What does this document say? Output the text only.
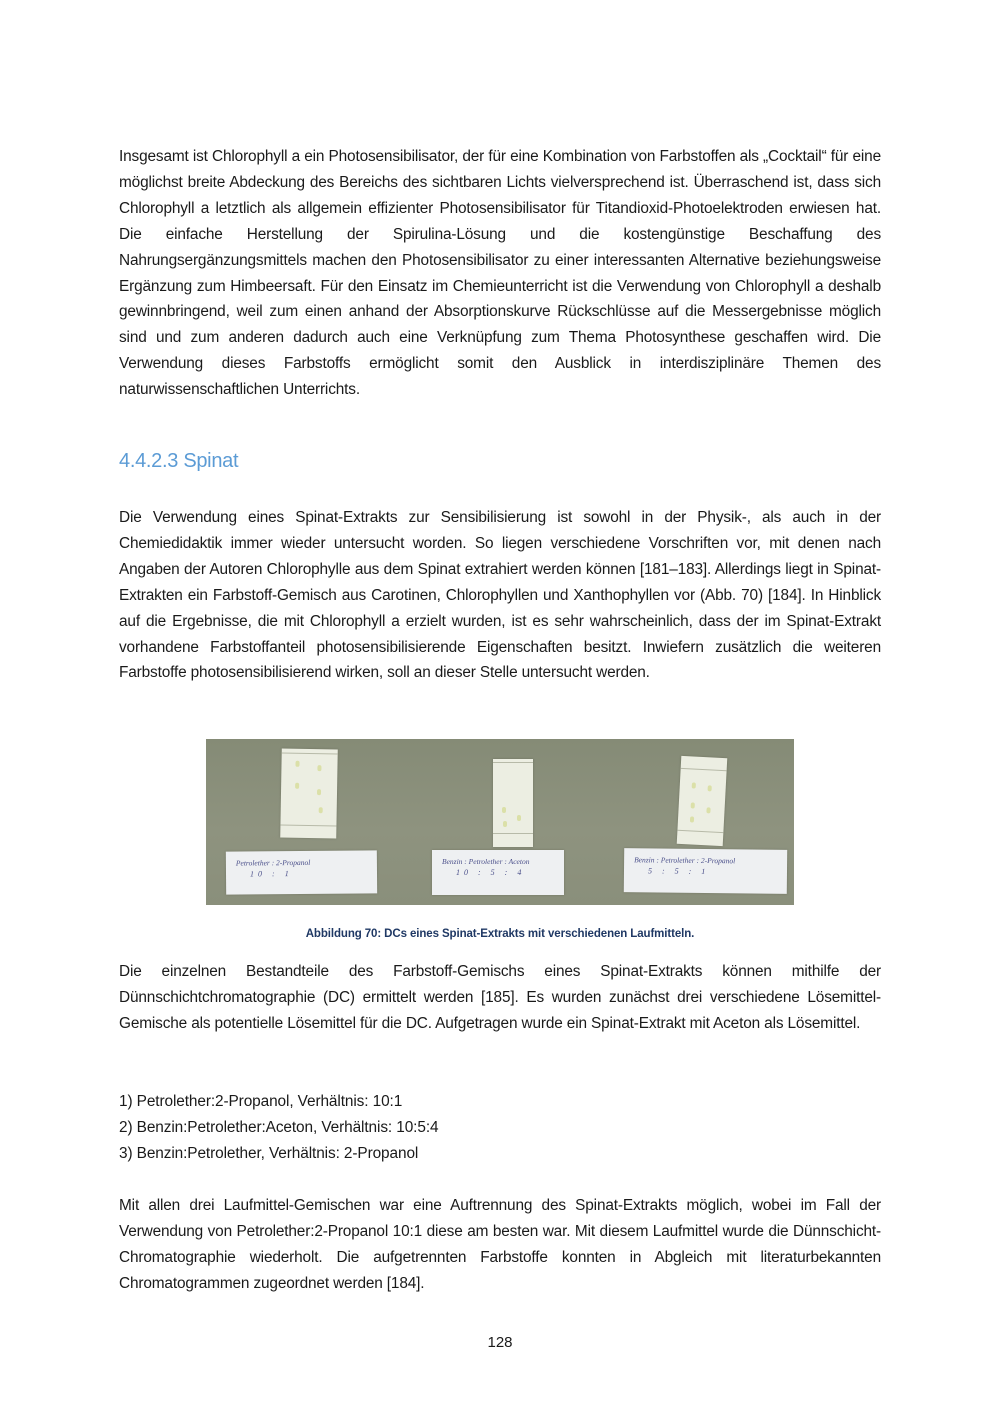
Insgesamt ist Chlorophyll a ein Photosensibilisator, der für eine Kombination von Farbstoffen als „Cocktail“ für eine möglichst breite Abdeckung des Bereichs des sichtbaren Lichts vielversprechend ist. Überraschend ist, dass sich Chlorophyll a letztlich als allgemein effizienter Photosensibilisator für Titandioxid-Photoelektroden erwiesen hat. Die einfache Herstellung der Spirulina-Lösung und die kostengünstige Beschaffung des Nahrungsergänzungsmittels machen den Photosensibilisator zu einer interessanten Alternative beziehungsweise Ergänzung zum Himbeersaft. Für den Einsatz im Chemieunterricht ist die Verwendung von Chlorophyll a deshalb gewinnbringend, weil zum einen anhand der Absorptionskurve Rückschlüsse auf die Messergebnisse möglich sind und zum anderen dadurch auch eine Verknüpfung zum Thema Photosynthese geschaffen wird. Die Verwendung dieses Farbstoffs ermöglicht somit den Ausblick in interdisziplinäre Themen des naturwissenschaftlichen Unterrichts.

4.4.2.3 Spinat

Die Verwendung eines Spinat-Extrakts zur Sensibilisierung ist sowohl in der Physik-, als auch in der Chemiedidaktik immer wieder untersucht worden. So liegen verschiedene Vorschriften vor, mit denen nach Angaben der Autoren Chlorophylle aus dem Spinat extrahiert werden können [181–183]. Allerdings liegt in Spinat-Extrakten ein Farbstoff-Gemisch aus Carotinen, Chlorophyllen und Xanthophyllen vor (Abb. 70) [184]. In Hinblick auf die Ergebnisse, die mit Chlorophyll a erzielt wurden, ist es sehr wahrscheinlich, dass der im Spinat-Extrakt vorhandene Farbstoffanteil photosensibilisierende Eigenschaften besitzt. Inwiefern zusätzlich die weiteren Farbstoffe photosensibilisierend wirken, soll an dieser Stelle untersucht werden.

Petrolether : 2-Propanol
10 : 1
Benzin : Petrolether : Aceton
10 : 5 : 4
Benzin : Petrolether : 2-Propanol
5 : 5 : 1

Abbildung 70: DCs eines Spinat-Extrakts mit verschiedenen Laufmitteln.

Die einzelnen Bestandteile des Farbstoff-Gemischs eines Spinat-Extrakts können mithilfe der Dünnschichtchromatographie (DC) ermittelt werden [185]. Es wurden zunächst drei verschiedene Lösemittel-Gemische als potentielle Lösemittel für die DC. Aufgetragen wurde ein Spinat-Extrakt mit Aceton als Lösemittel.

1) Petrolether:2-Propanol, Verhältnis: 10:1

2) Benzin:Petrolether:Aceton, Verhältnis: 10:5:4

3) Benzin:Petrolether, Verhältnis: 2-Propanol

Mit allen drei Laufmittel-Gemischen war eine Auftrennung des Spinat-Extrakts möglich, wobei im Fall der Verwendung von Petrolether:2-Propanol 10:1 diese am besten war. Mit diesem Laufmittel wurde die Dünnschicht-Chromatographie wiederholt. Die aufgetrennten Farbstoffe konnten in Abgleich mit literaturbekannten Chromatogrammen zugeordnet werden [184].

128
